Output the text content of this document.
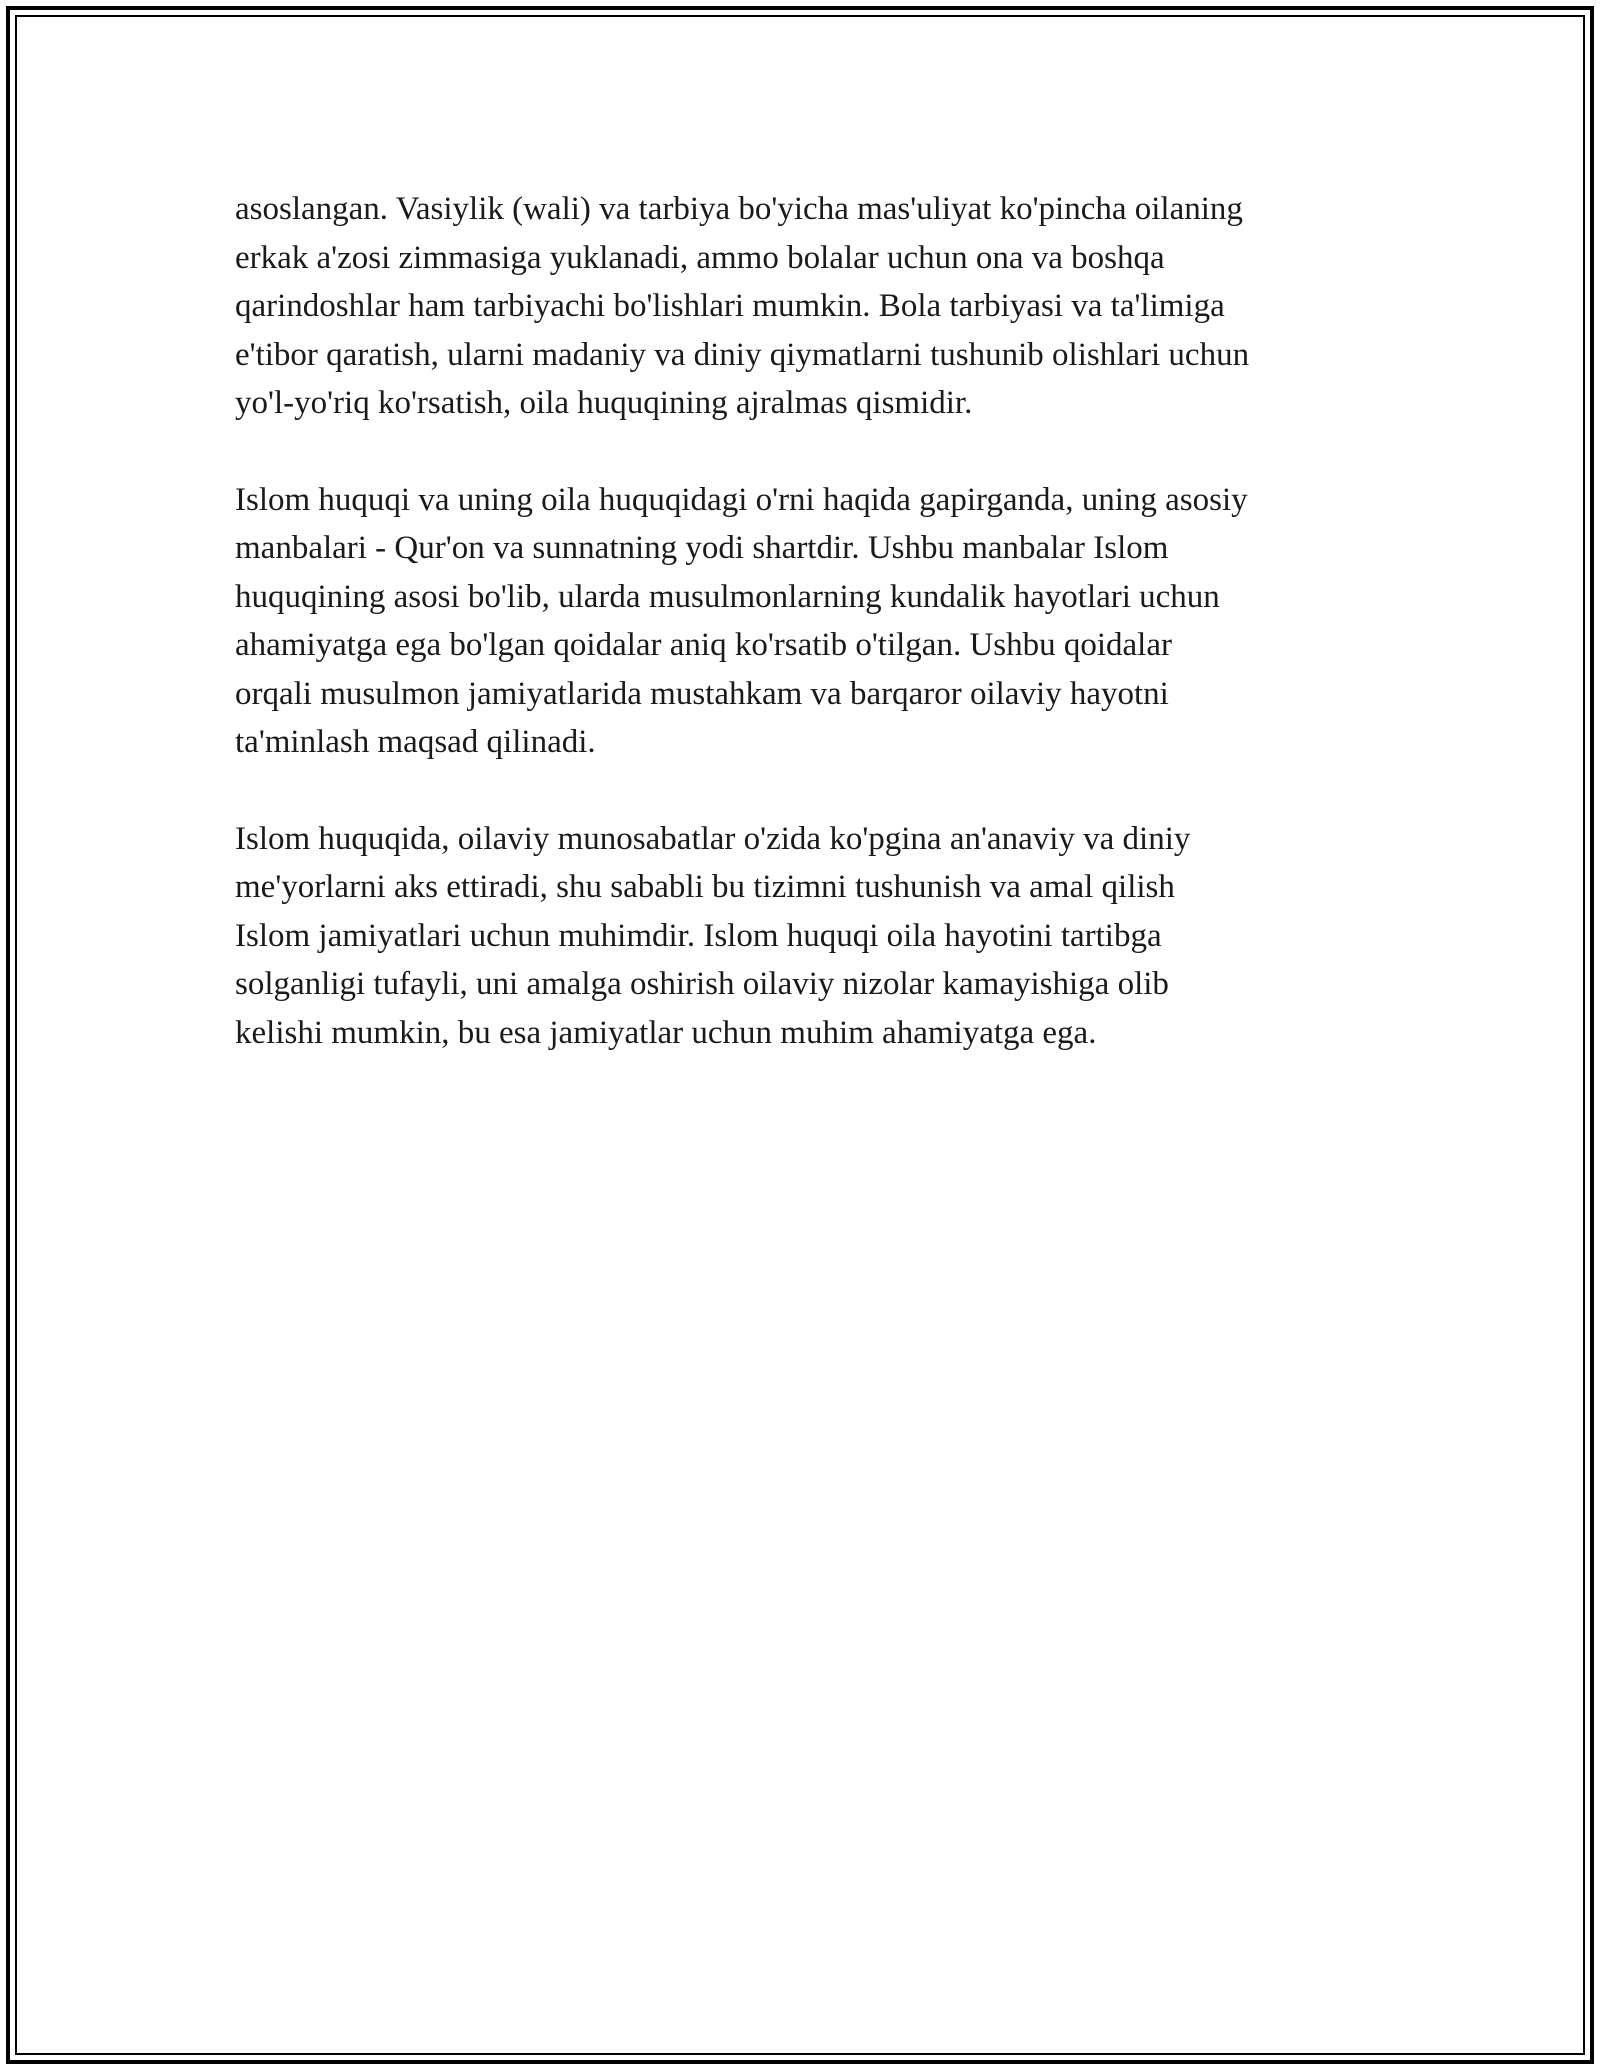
asoslangan. Vasiylik (wali) va tarbiya bo'yicha mas'uliyat ko'pincha oilaning
erkak a'zosi zimmasiga yuklanadi, ammo bolalar uchun ona va boshqa
qarindoshlar ham tarbiyachi bo'lishlari mumkin. Bola tarbiyasi va ta'limiga
e'tibor qaratish, ularni madaniy va diniy qiymatlarni tushunib olishlari uchun
yo'l-yo'riq ko'rsatish, oila huquqining ajralmas qismidir.

Islom huquqi va uning oila huquqidagi o'rni haqida gapirganda, uning asosiy
manbalari - Qur'on va sunnatning yodi shartdir. Ushbu manbalar Islom
huquqining asosi bo'lib, ularda musulmonlarning kundalik hayotlari uchun
ahamiyatga ega bo'lgan qoidalar aniq ko'rsatib o'tilgan. Ushbu qoidalar
orqali musulmon jamiyatlarida mustahkam va barqaror oilaviy hayotni
ta'minlash maqsad qilinadi.

Islom huquqida, oilaviy munosabatlar o'zida ko'pgina an'anaviy va diniy
me'yorlarni aks ettiradi, shu sababli bu tizimni tushunish va amal qilish
Islom jamiyatlari uchun muhimdir. Islom huquqi oila hayotini tartibga
solganligi tufayli, uni amalga oshirish oilaviy nizolar kamayishiga olib
kelishi mumkin, bu esa jamiyatlar uchun muhim ahamiyatga ega.
